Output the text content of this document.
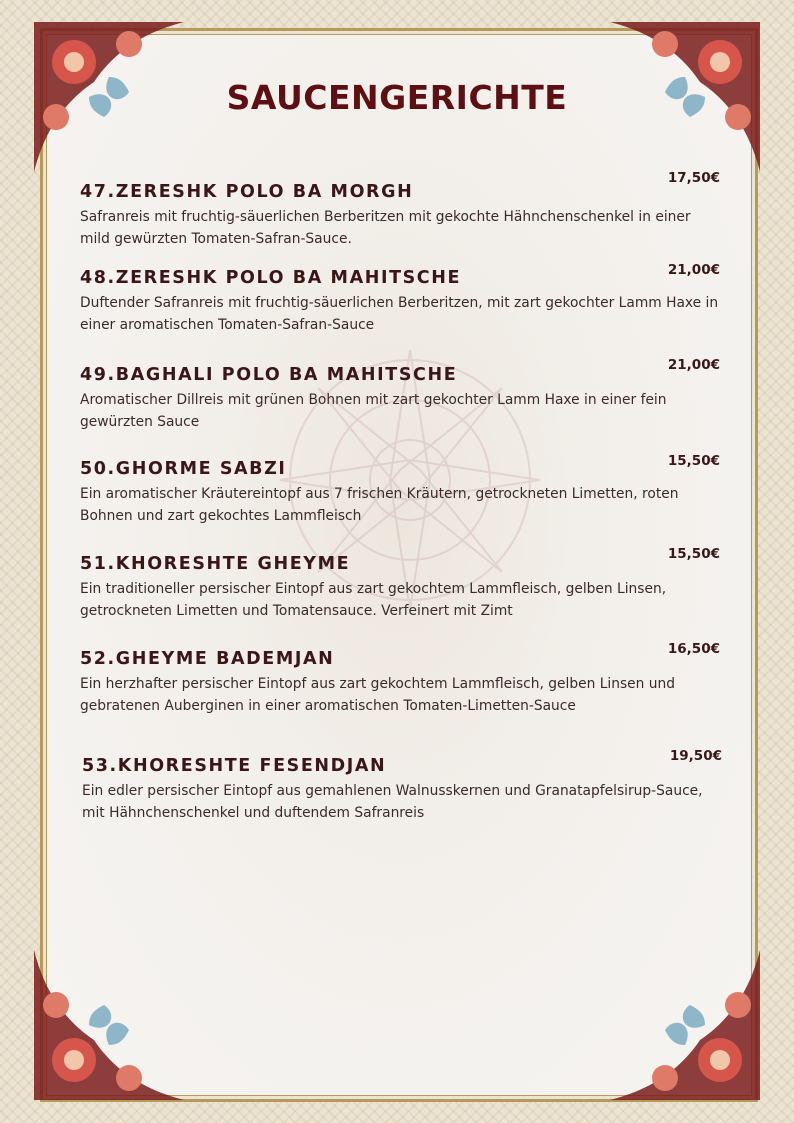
SAUCENGERICHTE
17,50€

47.ZERESHK POLO BA MORGH

Safranreis mit fruchtig-säuerlichen Berberitzen mit gekochte Hähnchenschenkel in einer mild gewürzten Tomaten-Safran-Sauce.

21,00€

48.ZERESHK POLO BA MAHITSCHE

Duftender Safranreis mit fruchtig-säuerlichen Berberitzen, mit zart gekochter Lamm Haxe in einer aromatischen Tomaten-Safran-Sauce

21,00€

49.BAGHALI POLO BA MAHITSCHE

Aromatischer Dillreis mit grünen Bohnen mit zart gekochter Lamm Haxe in einer fein gewürzten Sauce

15,50€

50.GHORME SABZI

Ein aromatischer Kräutereintopf aus 7 frischen Kräutern, getrockneten Limetten, roten Bohnen und zart gekochtes Lammfleisch

15,50€

51.KHORESHTE GHEYME

Ein traditioneller persischer Eintopf aus zart gekochtem Lammfleisch, gelben Linsen, getrockneten Limetten und Tomatensauce. Verfeinert mit Zimt

16,50€

52.GHEYME BADEMJAN

Ein herzhafter persischer Eintopf aus zart gekochtem Lammfleisch, gelben Linsen und gebratenen Auberginen in einer aromatischen Tomaten-Limetten-Sauce

19,50€

53.KHORESHTE FESENDJAN

Ein edler persischer Eintopf aus gemahlenen Walnusskernen und Granatapfelsirup-Sauce, mit Hähnchenschenkel und duftendem Safranreis
